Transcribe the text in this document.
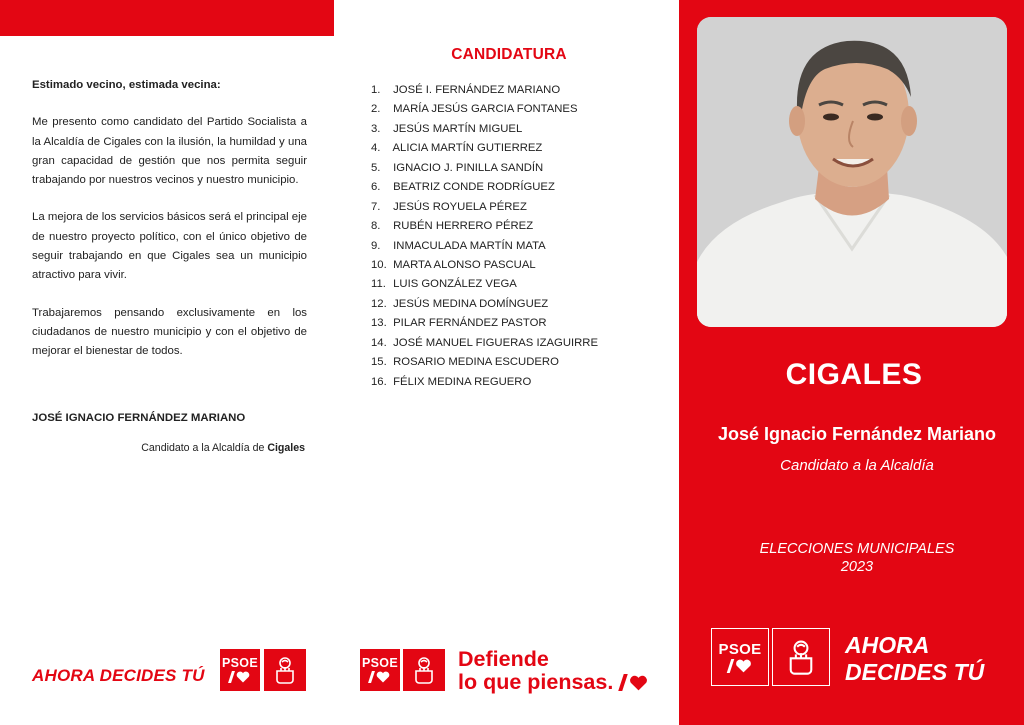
Estimado vecino, estimada vecina:

Me presento como candidato del Partido Socialista a la Alcaldía de Cigales con la ilusión, la humildad y una gran capacidad de gestión que nos permita seguir trabajando por nuestros vecinos y nuestro municipio.

La mejora de los servicios básicos será el principal eje de nuestro proyecto político, con el único objetivo de seguir trabajando en que Cigales sea un municipio atractivo para vivir.

Trabajaremos pensando exclusivamente en los ciudadanos de nuestro municipio y con el objetivo de mejorar el bienestar de todos.

JOSÉ IGNACIO FERNÁNDEZ MARIANO
Candidato a la Alcaldía de Cigales
AHORA DECIDES TÚ
PSOE
CANDIDATURA
1. JOSÉ I. FERNÁNDEZ MARIANO
2. MARÍA JESÚS GARCIA FONTANES
3. JESÚS MARTÍN MIGUEL
4. ALICIA MARTÍN GUTIERREZ
5. IGNACIO J. PINILLA SANDÍN
6. BEATRIZ CONDE RODRÍGUEZ
7. JESÚS ROYUELA PÉREZ
8. RUBÉN HERRERO PÉREZ
9. INMACULADA MARTÍN MATA
10. MARTA ALONSO PASCUAL
11. LUIS GONZÁLEZ VEGA
12. JESÚS MEDINA DOMÍNGUEZ
13. PILAR FERNÁNDEZ PASTOR
14. JOSÉ MANUEL FIGUERAS IZAGUIRRE
15. ROSARIO MEDINA ESCUDERO
16. FÉLIX MEDINA REGUERO
PSOE	Defiende
lo que piensas.
CIGALES
José Ignacio Fernández Mariano
Candidato a la Alcaldía
ELECCIONES MUNICIPALES
2023
PSOE	AHORA
DECIDES TÚ
